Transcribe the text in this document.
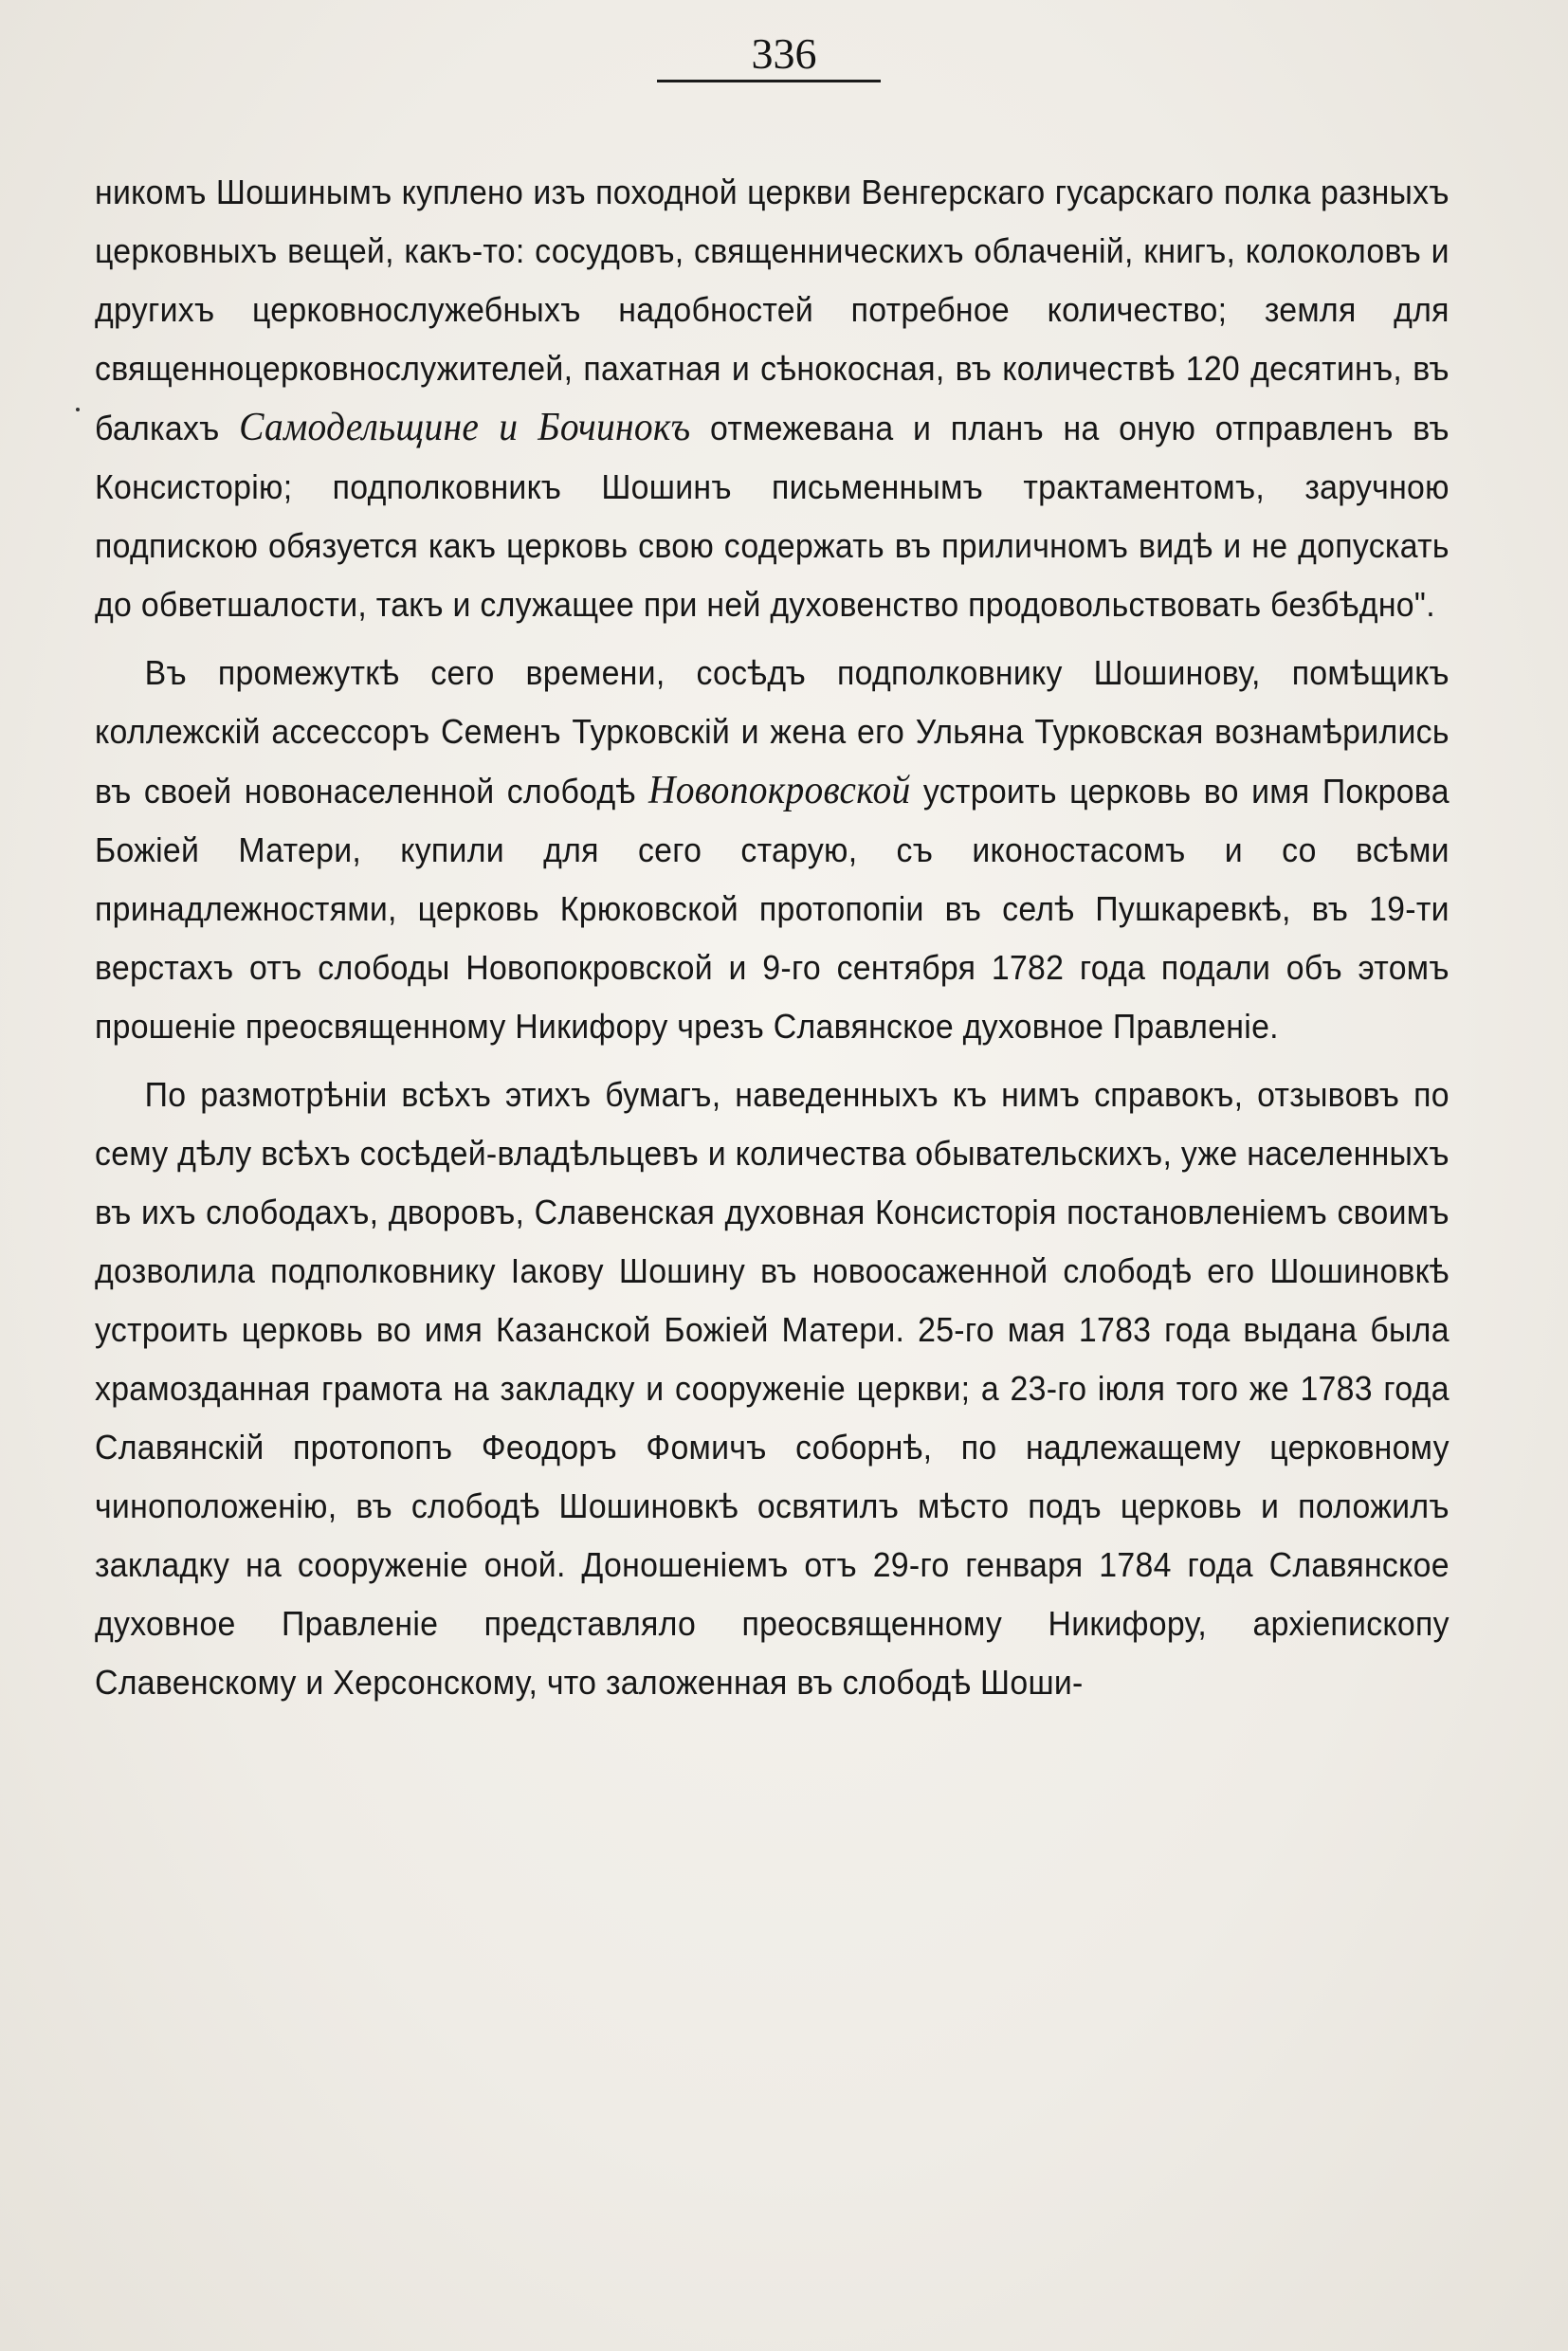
336

никомъ Шошинымъ куплено изъ походной церкви Венгерскаго гусарскаго полка разныхъ церковныхъ вещей, какъ-то: сосудовъ, священническихъ облаченій, книгъ, колоколовъ и другихъ церковнослужебныхъ надобностей потребное количество; земля для священноцерковнослужителей, пахатная и сѣнокосная, въ количествѣ 120 десятинъ, въ балкахъ Самодельщине и Бочинокъ отмежевана и планъ на оную отправленъ въ Консисторію; подполковникъ Шошинъ письменнымъ трактаментомъ, заручною подпискою обязуется какъ церковь свою содержать въ приличномъ видѣ и не допускать до обветшалости, такъ и служащее при ней духовенство продовольствовать безбѣдно".

Въ промежуткѣ сего времени, сосѣдъ подполковнику Шошинову, помѣщикъ коллежскій ассессоръ Семенъ Турковскій и жена его Ульяна Турковская вознамѣрились въ своей новонаселенной слободѣ Новопокровской устроить церковь во имя Покрова Божіей Матери, купили для сего старую, съ иконостасомъ и со всѣми принадлежностями, церковь Крюковской протопопіи въ селѣ Пушкаревкѣ, въ 19-ти верстахъ отъ слободы Новопокровской и 9-го сентября 1782 года подали объ этомъ прошеніе преосвященному Никифору чрезъ Славянское духовное Правленіе.

По размотрѣніи всѣхъ этихъ бумагъ, наведенныхъ къ нимъ справокъ, отзывовъ по сему дѣлу всѣхъ сосѣдей-владѣльцевъ и количества обывательскихъ, уже населенныхъ въ ихъ слободахъ, дворовъ, Славенская духовная Консисторія постановленіемъ своимъ дозволила подполковнику Іакову Шошину въ новоосаженной слободѣ его Шошиновкѣ устроить церковь во имя Казанской Божіей Матери. 25-го мая 1783 года выдана была храмозданная грамота на закладку и сооруженіе церкви; а 23-го іюля того же 1783 года Славянскій протопопъ Феодоръ Фомичъ соборнѣ, по надлежащему церковному чиноположенію, въ слободѣ Шошиновкѣ освятилъ мѣсто подъ церковь и положилъ закладку на сооруженіе оной. Доношеніемъ отъ 29-го генваря 1784 года Славянское духовное Правленіе представляло преосвященному Никифору, архіепископу Славенскому и Херсонскому, что заложенная въ слободѣ Шоши-
